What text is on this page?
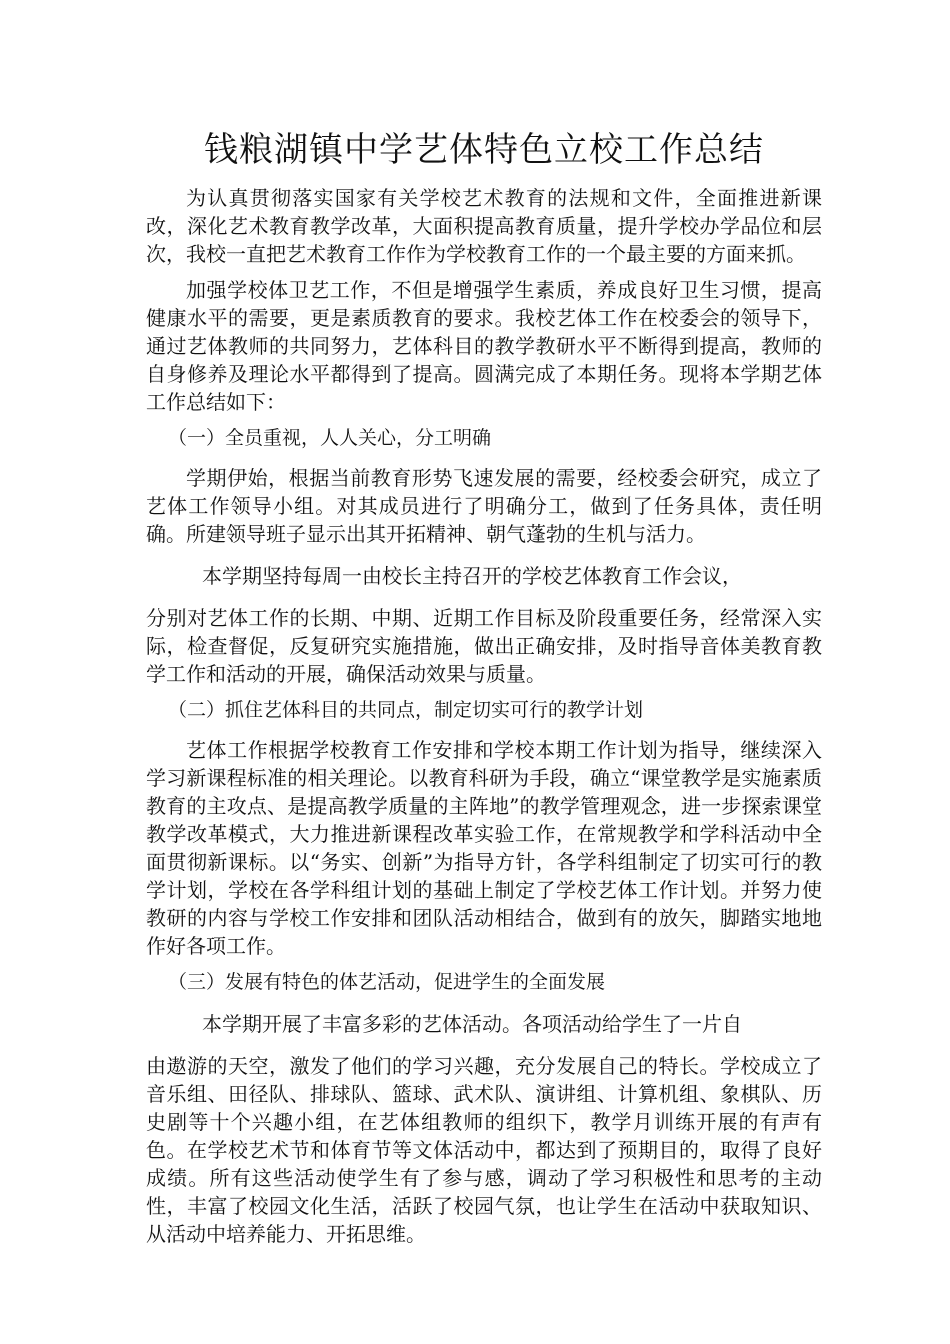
钱粮湖镇中学艺体特色立校工作总结

为认真贯彻落实国家有关学校艺术教育的法规和文件，全面推进新课改，深化艺术教育教学改革，大面积提高教育质量，提升学校办学品位和层次，我校一直把艺术教育工作作为学校教育工作的一个最主要的方面来抓。

加强学校体卫艺工作，不但是增强学生素质，养成良好卫生习惯，提高健康水平的需要，更是素质教育的要求。我校艺体工作在校委会的领导下，通过艺体教师的共同努力，艺体科目的教学教研水平不断得到提高，教师的自身修养及理论水平都得到了提高。圆满完成了本期任务。现将本学期艺体工作总结如下：

（一）全员重视，人人关心，分工明确

学期伊始，根据当前教育形势飞速发展的需要，经校委会研究，成立了艺体工作领导小组。对其成员进行了明确分工，做到了任务具体，责任明确。所建领导班子显示出其开拓精神、朝气蓬勃的生机与活力。

本学期坚持每周一由校长主持召开的学校艺体教育工作会议，

分别对艺体工作的长期、中期、近期工作目标及阶段重要任务，经常深入实际，检查督促，反复研究实施措施，做出正确安排，及时指导音体美教育教学工作和活动的开展，确保活动效果与质量。

（二）抓住艺体科目的共同点，制定切实可行的教学计划

艺体工作根据学校教育工作安排和学校本期工作计划为指导，继续深入学习新课程标准的相关理论。以教育科研为手段，确立“课堂教学是实施素质教育的主攻点、是提高教学质量的主阵地”的教学管理观念，进一步探索课堂教学改革模式，大力推进新课程改革实验工作，在常规教学和学科活动中全面贯彻新课标。以“务实、创新”为指导方针，各学科组制定了切实可行的教学计划，学校在各学科组计划的基础上制定了学校艺体工作计划。并努力使教研的内容与学校工作安排和团队活动相结合，做到有的放矢，脚踏实地地作好各项工作。

（三）发展有特色的体艺活动，促进学生的全面发展

本学期开展了丰富多彩的艺体活动。各项活动给学生了一片自

由遨游的天空，激发了他们的学习兴趣，充分发展自己的特长。学校成立了音乐组、田径队、排球队、篮球、武术队、演讲组、计算机组、象棋队、历史剧等十个兴趣小组，在艺体组教师的组织下，教学月训练开展的有声有色。在学校艺术节和体育节等文体活动中，都达到了预期目的，取得了良好成绩。所有这些活动使学生有了参与感，调动了学习积极性和思考的主动性，丰富了校园文化生活，活跃了校园气氛，也让学生在活动中获取知识、从活动中培养能力、开拓思维。
